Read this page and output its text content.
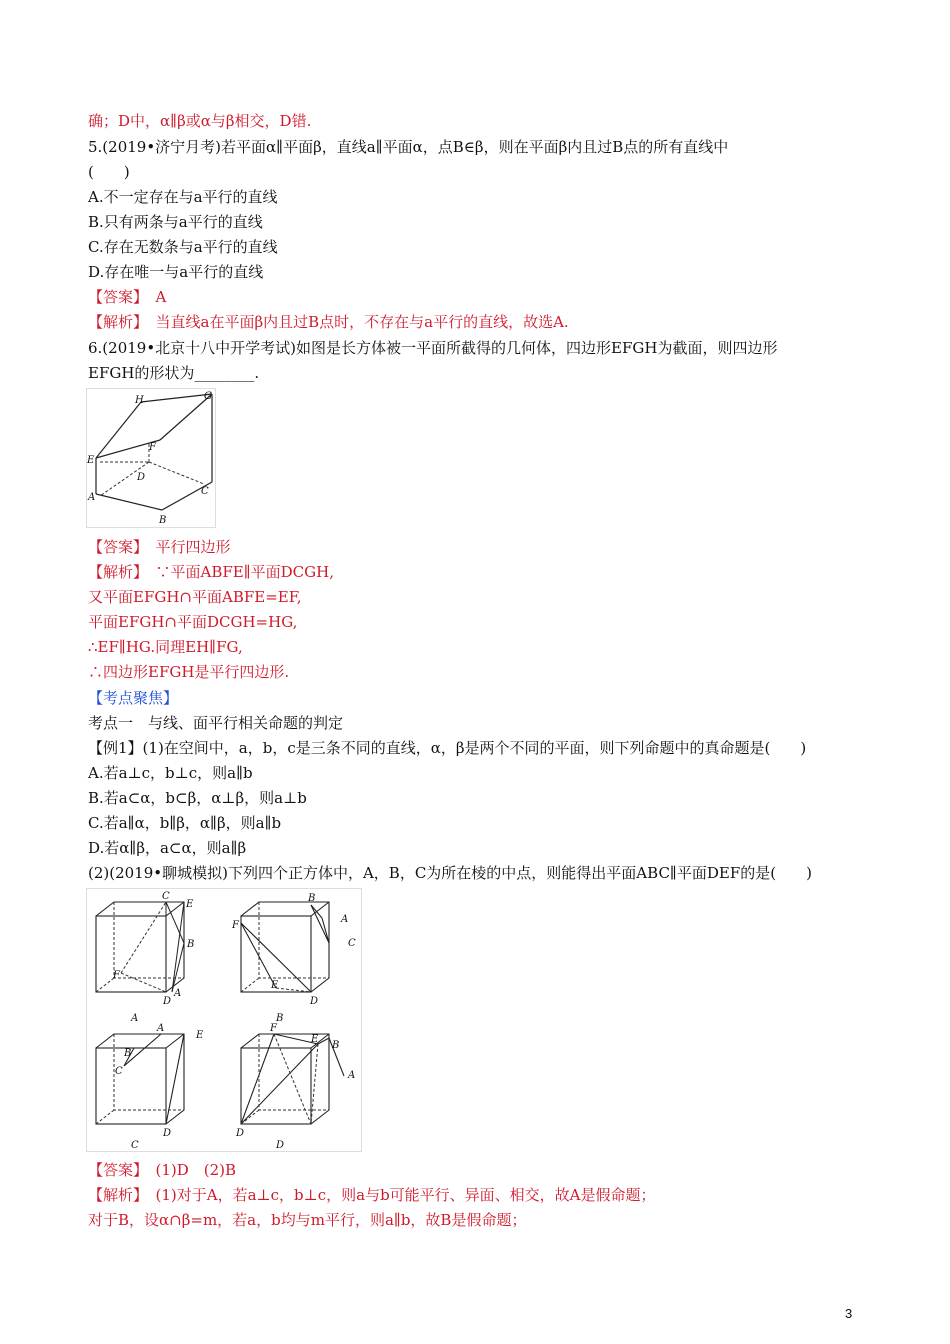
确；D中，α∥β或α与β相交，D错.
5.(2019•济宁月考)若平面α∥平面β，直线a∥平面α，点B∈β，则在平面β内且过B点的所有直线中
(　　)
A.不一定存在与a平行的直线
B.只有两条与a平行的直线
C.存在无数条与a平行的直线
D.存在唯一与a平行的直线
【答案】　A
【解析】　当直线a在平面β内且过B点时，不存在与a平行的直线，故选A.
6.(2019•北京十八中开学考试)如图是长方体被一平面所截得的几何体，四边形EFGH为截面，则四边形
EFGH的形状为________.
H	G
E
F
D
A
C
B
【答案】　平行四边形
【解析】　∵平面ABFE∥平面DCGH,
又平面EFGH∩平面ABFE=EF,
平面EFGH∩平面DCGH=HG,
∴EF∥HG.同理EH∥FG,
∴四边形EFGH是平行四边形.
【考点聚焦】
考点一　与线、面平行相关命题的判定
【例1】(1)在空间中，a，b，c是三条不同的直线，α，β是两个不同的平面，则下列命题中的真命题是(　　)
A.若a⊥c，b⊥c，则a∥b
B.若a⊂α，b⊂β，α⊥β，则a⊥b
C.若a∥α，b∥β，α∥β，则a∥b
D.若α∥β，a⊂α，则a∥β
(2)(2019•聊城模拟)下列四个正方体中，A，B，C为所在棱的中点，则能得出平面ABC∥平面DEF的是(　　)
C
E
B
F
D
A
A
B
A
C
F
E
D
B
A
E
B
C
D
C
F
E
B
A
D
D
【答案】　(1)D　(2)B
【解析】　(1)对于A，若a⊥c，b⊥c，则a与b可能平行、异面、相交，故A是假命题；
对于B，设α∩β=m，若a，b均与m平行，则a∥b，故B是假命题；
3
